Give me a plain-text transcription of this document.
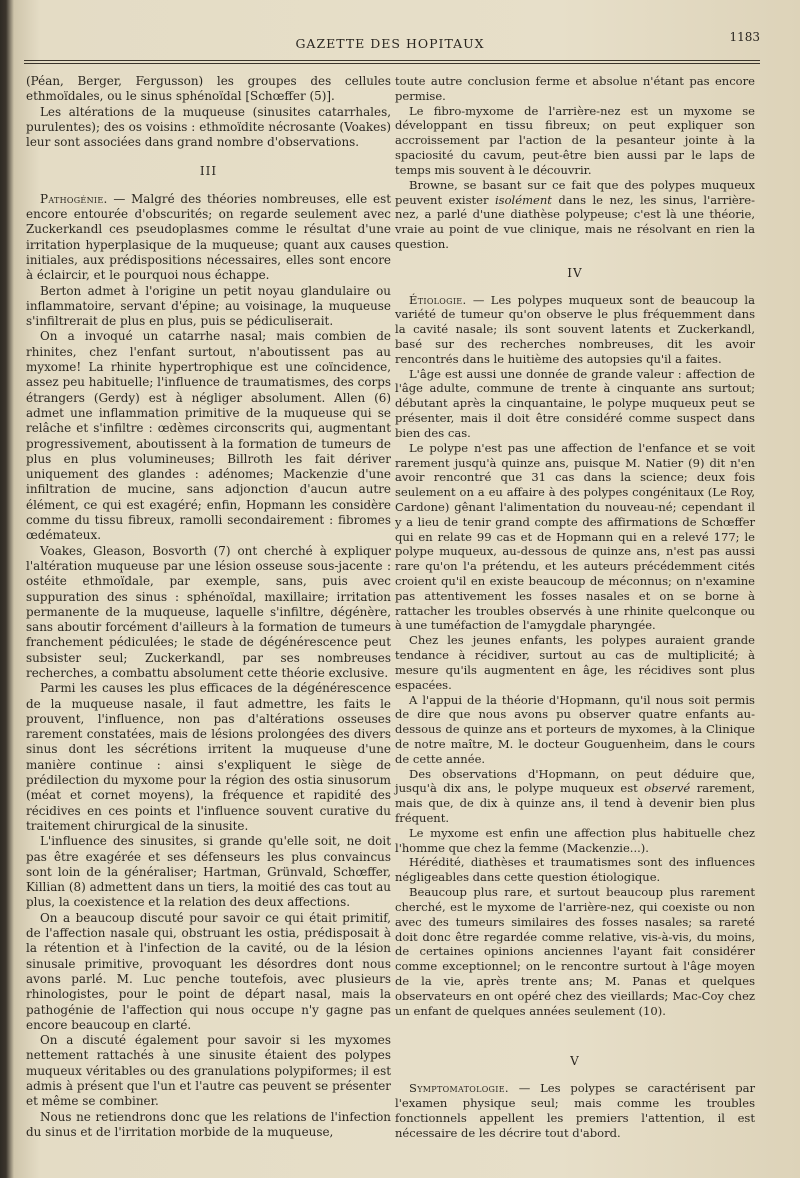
GAZETTE DES HOPITAUX	1183

(Péan, Berger, Fergusson) les groupes des cellules ethmoïdales, ou le sinus sphénoïdal [Schœffer (5)].

Les altérations de la muqueuse (sinusites catarrhales, purulentes); des os voisins : ethmoïdite nécrosante (Voakes) leur sont associées dans grand nombre d'observations.

III

Pathogénie. — Malgré des théories nombreuses, elle est encore entourée d'obscurités; on regarde seulement avec Zuckerkandl ces pseudoplasmes comme le résultat d'une irritation hyperplasique de la muqueuse; quant aux causes initiales, aux prédispositions nécessaires, elles sont encore à éclaircir, et le pourquoi nous échappe.

Berton admet à l'origine un petit noyau glandulaire ou inflammatoire, servant d'épine; au voisinage, la muqueuse s'infiltrerait de plus en plus, puis se pédiculiserait.

On a invoqué un catarrhe nasal; mais combien de rhinites, chez l'enfant surtout, n'aboutissent pas au myxome! La rhinite hypertrophique est une coïncidence, assez peu habituelle; l'influence de traumatismes, des corps étrangers (Gerdy) est à négliger absolument. Allen (6) admet une inflammation primitive de la muqueuse qui se relâche et s'infiltre : œdèmes circonscrits qui, augmentant progressivement, aboutissent à la formation de tumeurs de plus en plus volumineuses; Billroth les fait dériver uniquement des glandes : adénomes; Mackenzie d'une infiltration de mucine, sans adjonction d'aucun autre élément, ce qui est exagéré; enfin, Hopmann les considère comme du tissu fibreux, ramolli secondairement : fibromes œdémateux.

Voakes, Gleason, Bosvorth (7) ont cherché à expliquer l'altération muqueuse par une lésion osseuse sous-jacente : ostéite ethmoïdale, par exemple, sans, puis avec suppuration des sinus : sphénoïdal, maxillaire; irritation permanente de la muqueuse, laquelle s'infiltre, dégénère, sans aboutir forcément d'ailleurs à la formation de tumeurs franchement pédiculées; le stade de dégénérescence peut subsister seul; Zuckerkandl, par ses nombreuses recherches, a combattu absolument cette théorie exclusive.

Parmi les causes les plus efficaces de la dégénérescence de la muqueuse nasale, il faut admettre, les faits le prouvent, l'influence, non pas d'altérations osseuses rarement constatées, mais de lésions prolongées des divers sinus dont les sécrétions irritent la muqueuse d'une manière continue : ainsi s'expliquent le siège de prédilection du myxome pour la région des ostia sinusorum (méat et cornet moyens), la fréquence et rapidité des récidives en ces points et l'influence souvent curative du traitement chirurgical de la sinusite.

L'influence des sinusites, si grande qu'elle soit, ne doit pas être exagérée et ses défenseurs les plus convaincus sont loin de la généraliser; Hartman, Grünvald, Schœffer, Killian (8) admettent dans un tiers, la moitié des cas tout au plus, la coexistence et la relation des deux affections.

On a beaucoup discuté pour savoir ce qui était primitif, de l'affection nasale qui, obstruant les ostia, prédisposait à la rétention et à l'infection de la cavité, ou de la lésion sinusale primitive, provoquant les désordres dont nous avons parlé. M. Luc penche toutefois, avec plusieurs rhinologistes, pour le point de départ nasal, mais la pathogénie de l'affection qui nous occupe n'y gagne pas encore beaucoup en clarté.

On a discuté également pour savoir si les myxomes nettement rattachés à une sinusite étaient des polypes muqueux véritables ou des granulations polypiformes; il est admis à présent que l'un et l'autre cas peuvent se présenter et même se combiner.

Nous ne retiendrons donc que les relations de l'infection du sinus et de l'irritation morbide de la muqueuse,

toute autre conclusion ferme et absolue n'étant pas encore permise.

Le fibro-myxome de l'arrière-nez est un myxome se développant en tissu fibreux; on peut expliquer son accroissement par l'action de la pesanteur jointe à la spaciosité du cavum, peut-être bien aussi par le laps de temps mis souvent à le découvrir.

Browne, se basant sur ce fait que des polypes muqueux peuvent exister isolément dans le nez, les sinus, l'arrière-nez, a parlé d'une diathèse polypeuse; c'est là une théorie, vraie au point de vue clinique, mais ne résolvant en rien la question.

IV

Étiologie. — Les polypes muqueux sont de beaucoup la variété de tumeur qu'on observe le plus fréquemment dans la cavité nasale; ils sont souvent latents et Zuckerkandl, basé sur des recherches nombreuses, dit les avoir rencontrés dans le huitième des autopsies qu'il a faites.

L'âge est aussi une donnée de grande valeur : affection de l'âge adulte, commune de trente à cinquante ans surtout; débutant après la cinquantaine, le polype muqueux peut se présenter, mais il doit être considéré comme suspect dans bien des cas.

Le polype n'est pas une affection de l'enfance et se voit rarement jusqu'à quinze ans, puisque M. Natier (9) dit n'en avoir rencontré que 31 cas dans la science; deux fois seulement on a eu affaire à des polypes congénitaux (Le Roy, Cardone) gênant l'alimentation du nouveau-né; cependant il y a lieu de tenir grand compte des affirmations de Schœffer qui en relate 99 cas et de Hopmann qui en a relevé 177; le polype muqueux, au-dessous de quinze ans, n'est pas aussi rare qu'on l'a prétendu, et les auteurs précédemment cités croient qu'il en existe beaucoup de méconnus; on n'examine pas attentivement les fosses nasales et on se borne à rattacher les troubles observés à une rhinite quelconque ou à une tuméfaction de l'amygdale pharyngée.

Chez les jeunes enfants, les polypes auraient grande tendance à récidiver, surtout au cas de multiplicité; à mesure qu'ils augmentent en âge, les récidives sont plus espacées.

A l'appui de la théorie d'Hopmann, qu'il nous soit permis de dire que nous avons pu observer quatre enfants au-dessous de quinze ans et porteurs de myxomes, à la Clinique de notre maître, M. le docteur Gouguenheim, dans le cours de cette année.

Des observations d'Hopmann, on peut déduire que, jusqu'à dix ans, le polype muqueux est observé rarement, mais que, de dix à quinze ans, il tend à devenir bien plus fréquent.

Le myxome est enfin une affection plus habituelle chez l'homme que chez la femme (Mackenzie...).

Hérédité, diathèses et traumatismes sont des influences négligeables dans cette question étiologique.

Beaucoup plus rare, et surtout beaucoup plus rarement cherché, est le myxome de l'arrière-nez, qui coexiste ou non avec des tumeurs similaires des fosses nasales; sa rareté doit donc être regardée comme relative, vis-à-vis, du moins, de certaines opinions anciennes l'ayant fait considérer comme exceptionnel; on le rencontre surtout à l'âge moyen de la vie, après trente ans; M. Panas et quelques observateurs en ont opéré chez des vieillards; Mac-Coy chez un enfant de quelques années seulement (10).

V

Symptomatologie. — Les polypes se caractérisent par l'examen physique seul; mais comme les troubles fonctionnels appellent les premiers l'attention, il est nécessaire de les décrire tout d'abord.
